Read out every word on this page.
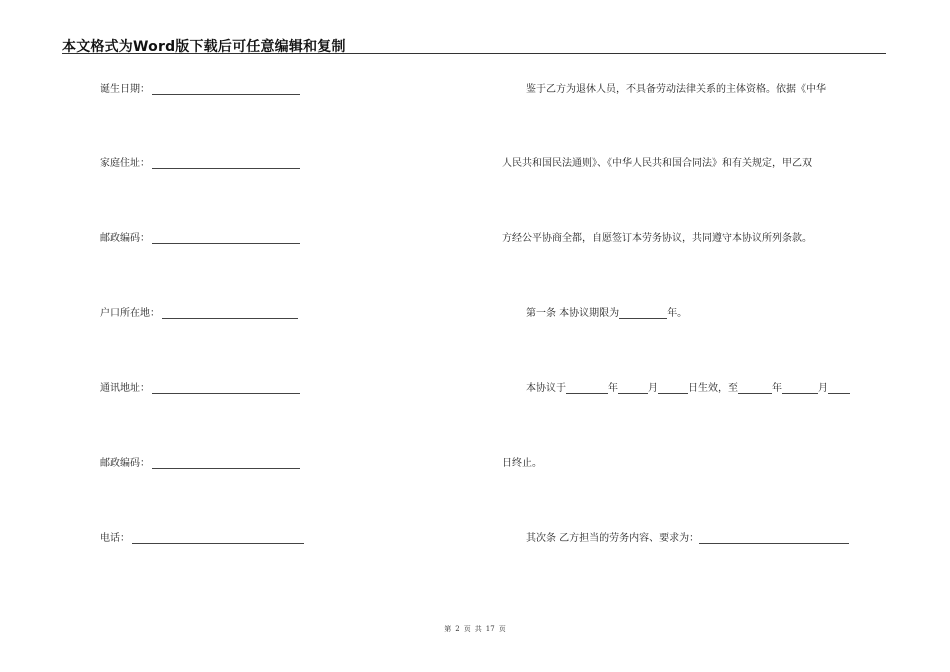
本文格式为Word版下载后可任意编辑和复制
诞生日期：
家庭住址：
邮政编码：
户口所在地：
通讯地址：
邮政编码：
电话：
鉴于乙方为退休人员，不具备劳动法律关系的主体资格。依据《中华
人民共和国民法通则》、《中华人民共和国合同法》和有关规定，甲乙双
方经公平协商全都，自愿签订本劳务协议，共同遵守本协议所列条款。
第一条 本协议期限为	年。
本协议于	年	月	日生效，至	年	月
日终止。
其次条 乙方担当的劳务内容、要求为：
第 2 页 共 17 页
